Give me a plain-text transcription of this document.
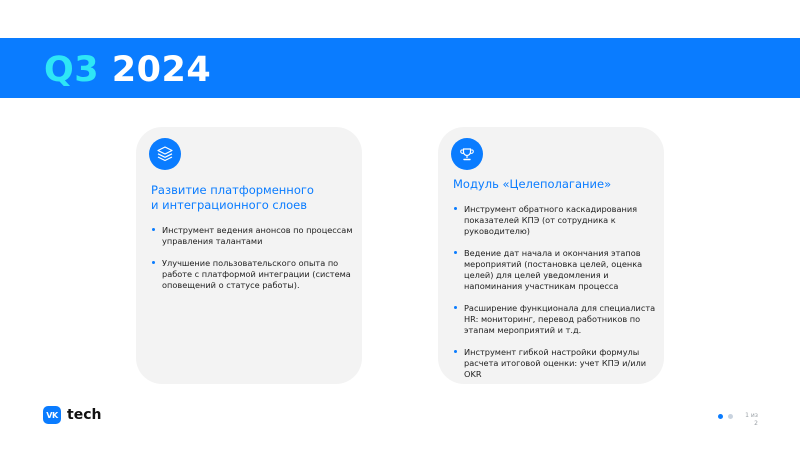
Q3 2024
Развитие платформенного
и интеграционного слоев
Инструмент ведения анонсов по процессам управления талантами
Улучшение пользовательского опыта по работе с платформой интеграции (система оповещений о статусе работы).
Модуль «Целеполагание»
Инструмент обратного каскадирования показателей КПЭ (от сотрудника к руководителю)
Ведение дат начала и окончания этапов мероприятий (постановка целей, оценка целей) для целей уведомления и напоминания участникам процесса
Расширение функционала для специалиста HR: мониторинг, перевод работников по этапам мероприятий и т.д.
Инструмент гибкой настройки формулы расчета итоговой оценки: учет КПЭ и/или OKR
VK tech	1 из
2
